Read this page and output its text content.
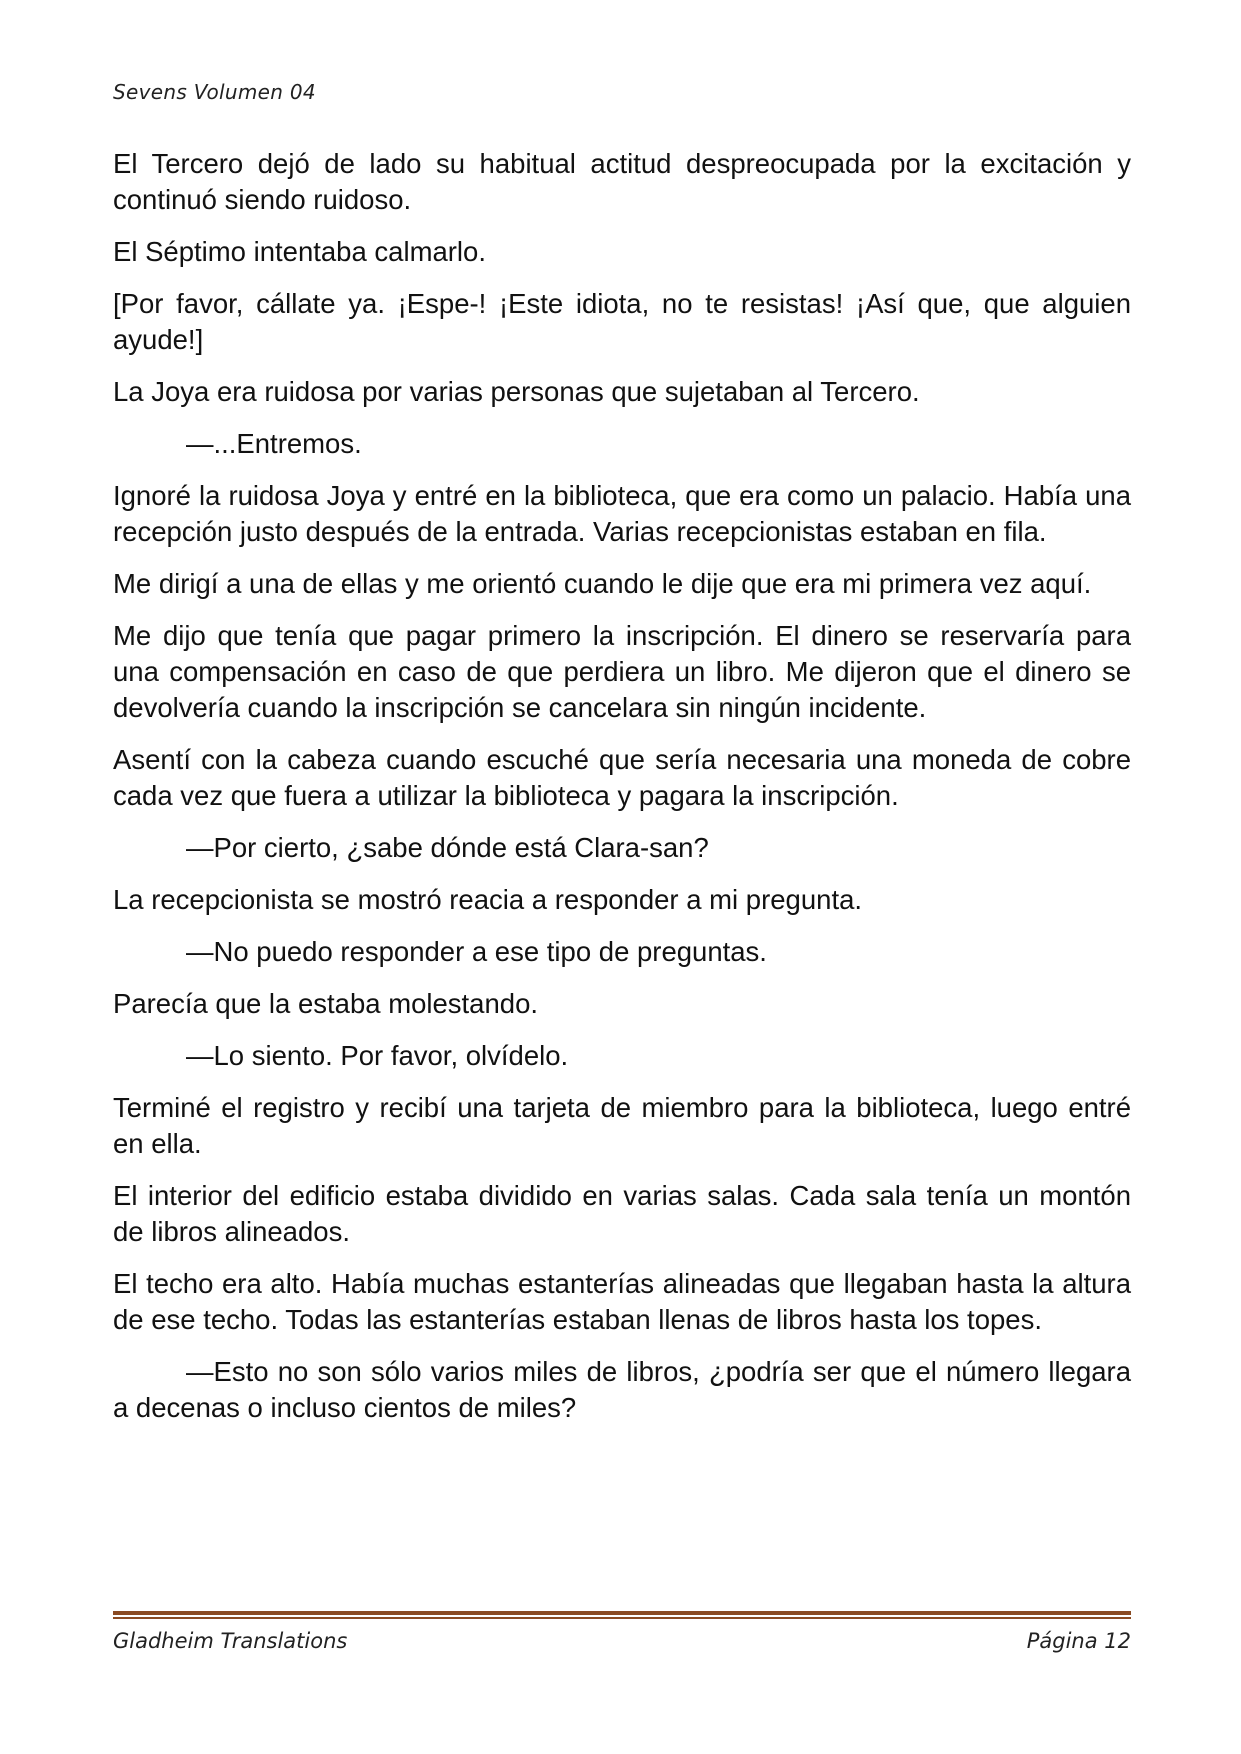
Sevens Volumen 04

El Tercero dejó de lado su habitual actitud despreocupada por la excitación y continuó siendo ruidoso.

El Séptimo intentaba calmarlo.

[Por favor, cállate ya. ¡Espe-! ¡Este idiota, no te resistas! ¡Así que, que alguien ayude!]

La Joya era ruidosa por varias personas que sujetaban al Tercero.

—...Entremos.

Ignoré la ruidosa Joya y entré en la biblioteca, que era como un palacio. Había una recepción justo después de la entrada. Varias recepcionistas estaban en fila.

Me dirigí a una de ellas y me orientó cuando le dije que era mi primera vez aquí.

Me dijo que tenía que pagar primero la inscripción. El dinero se reservaría para una compensación en caso de que perdiera un libro. Me dijeron que el dinero se devolvería cuando la inscripción se cancelara sin ningún incidente.

Asentí con la cabeza cuando escuché que sería necesaria una moneda de cobre cada vez que fuera a utilizar la biblioteca y pagara la inscripción.

—Por cierto, ¿sabe dónde está Clara-san?

La recepcionista se mostró reacia a responder a mi pregunta.

—No puedo responder a ese tipo de preguntas.

Parecía que la estaba molestando.

—Lo siento. Por favor, olvídelo.

Terminé el registro y recibí una tarjeta de miembro para la biblioteca, luego entré en ella.

El interior del edificio estaba dividido en varias salas. Cada sala tenía un montón de libros alineados.

El techo era alto. Había muchas estanterías alineadas que llegaban hasta la altura de ese techo. Todas las estanterías estaban llenas de libros hasta los topes.

—Esto no son sólo varios miles de libros, ¿podría ser que el número llegara a decenas o incluso cientos de miles?

Gladheim Translations	Página 12
